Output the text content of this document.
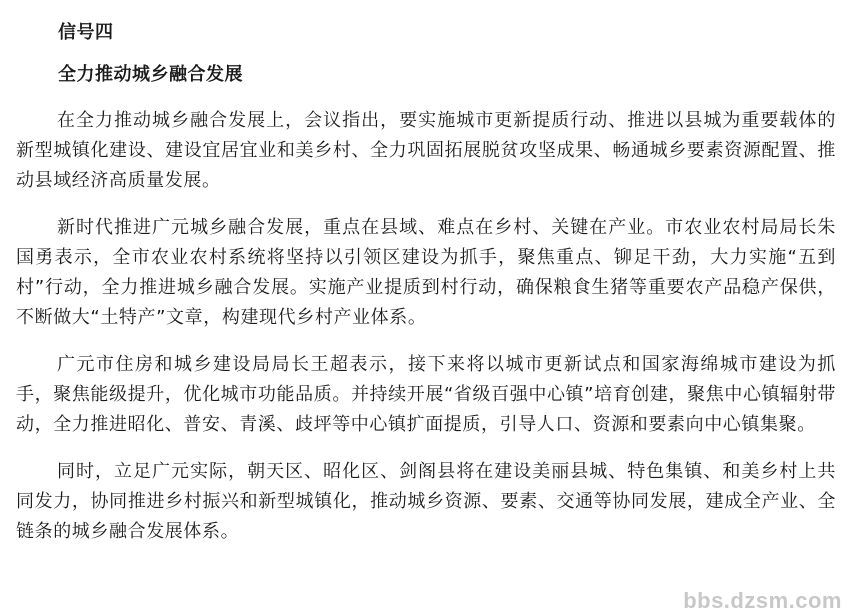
信号四
全力推动城乡融合发展

在全力推动城乡融合发展上，会议指出，要实施城市更新提质行动、推进以县城为重要载体的新型城镇化建设、建设宜居宜业和美乡村、全力巩固拓展脱贫攻坚成果、畅通城乡要素资源配置、推动县域经济高质量发展。

新时代推进广元城乡融合发展，重点在县域、难点在乡村、关键在产业。市农业农村局局长朱国勇表示，全市农业农村系统将坚持以引领区建设为抓手，聚焦重点、铆足干劲，大力实施“五到村”行动，全力推进城乡融合发展。实施产业提质到村行动，确保粮食生猪等重要农产品稳产保供，不断做大“土特产”文章，构建现代乡村产业体系。

广元市住房和城乡建设局局长王超表示，接下来将以城市更新试点和国家海绵城市建设为抓手，聚焦能级提升，优化城市功能品质。并持续开展“省级百强中心镇”培育创建，聚焦中心镇辐射带动，全力推进昭化、普安、青溪、歧坪等中心镇扩面提质，引导人口、资源和要素向中心镇集聚。

同时，立足广元实际，朝天区、昭化区、剑阁县将在建设美丽县城、特色集镇、和美乡村上共同发力，协同推进乡村振兴和新型城镇化，推动城乡资源、要素、交通等协同发展，建成全产业、全链条的城乡融合发展体系。

bbs.dzsm.com
